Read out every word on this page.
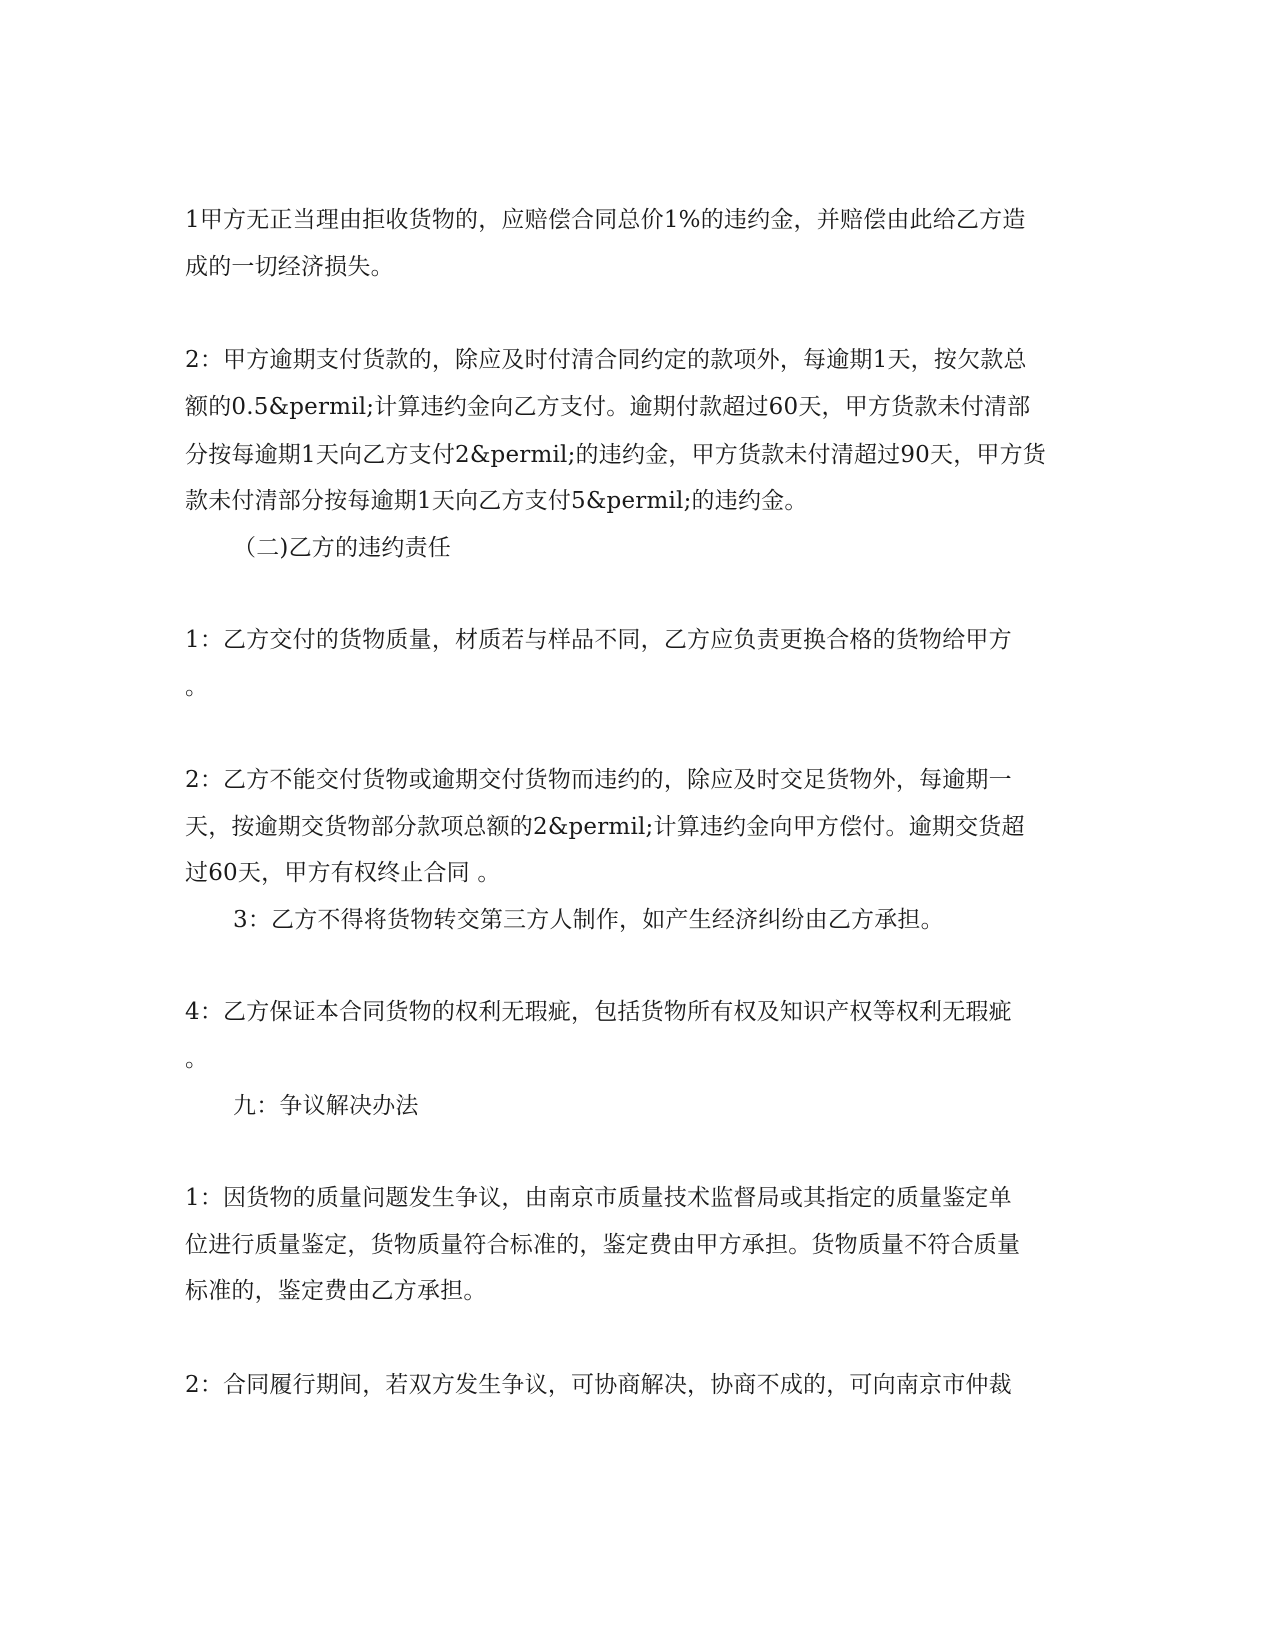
1甲方无正当理由拒收货物的，应赔偿合同总价1%的违约金，并赔偿由此给乙方造
成的一切经济损失。
2：甲方逾期支付货款的，除应及时付清合同约定的款项外，每逾期1天，按欠款总
额的0.5&permil;计算违约金向乙方支付。逾期付款超过60天，甲方货款未付清部
分按每逾期1天向乙方支付2&permil;的违约金，甲方货款未付清超过90天，甲方货
款未付清部分按每逾期1天向乙方支付5&permil;的违约金。
（二)乙方的违约责任
1：乙方交付的货物质量，材质若与样品不同，乙方应负责更换合格的货物给甲方
。
2：乙方不能交付货物或逾期交付货物而违约的，除应及时交足货物外，每逾期一
天，按逾期交货物部分款项总额的2&permil;计算违约金向甲方偿付。逾期交货超
过60天，甲方有权终止合同 。
3：乙方不得将货物转交第三方人制作，如产生经济纠纷由乙方承担。
4：乙方保证本合同货物的权利无瑕疵，包括货物所有权及知识产权等权利无瑕疵
。
九：争议解决办法
1：因货物的质量问题发生争议，由南京市质量技术监督局或其指定的质量鉴定单
位进行质量鉴定，货物质量符合标准的，鉴定费由甲方承担。货物质量不符合质量
标准的，鉴定费由乙方承担。
2：合同履行期间，若双方发生争议，可协商解决，协商不成的，可向南京市仲裁
